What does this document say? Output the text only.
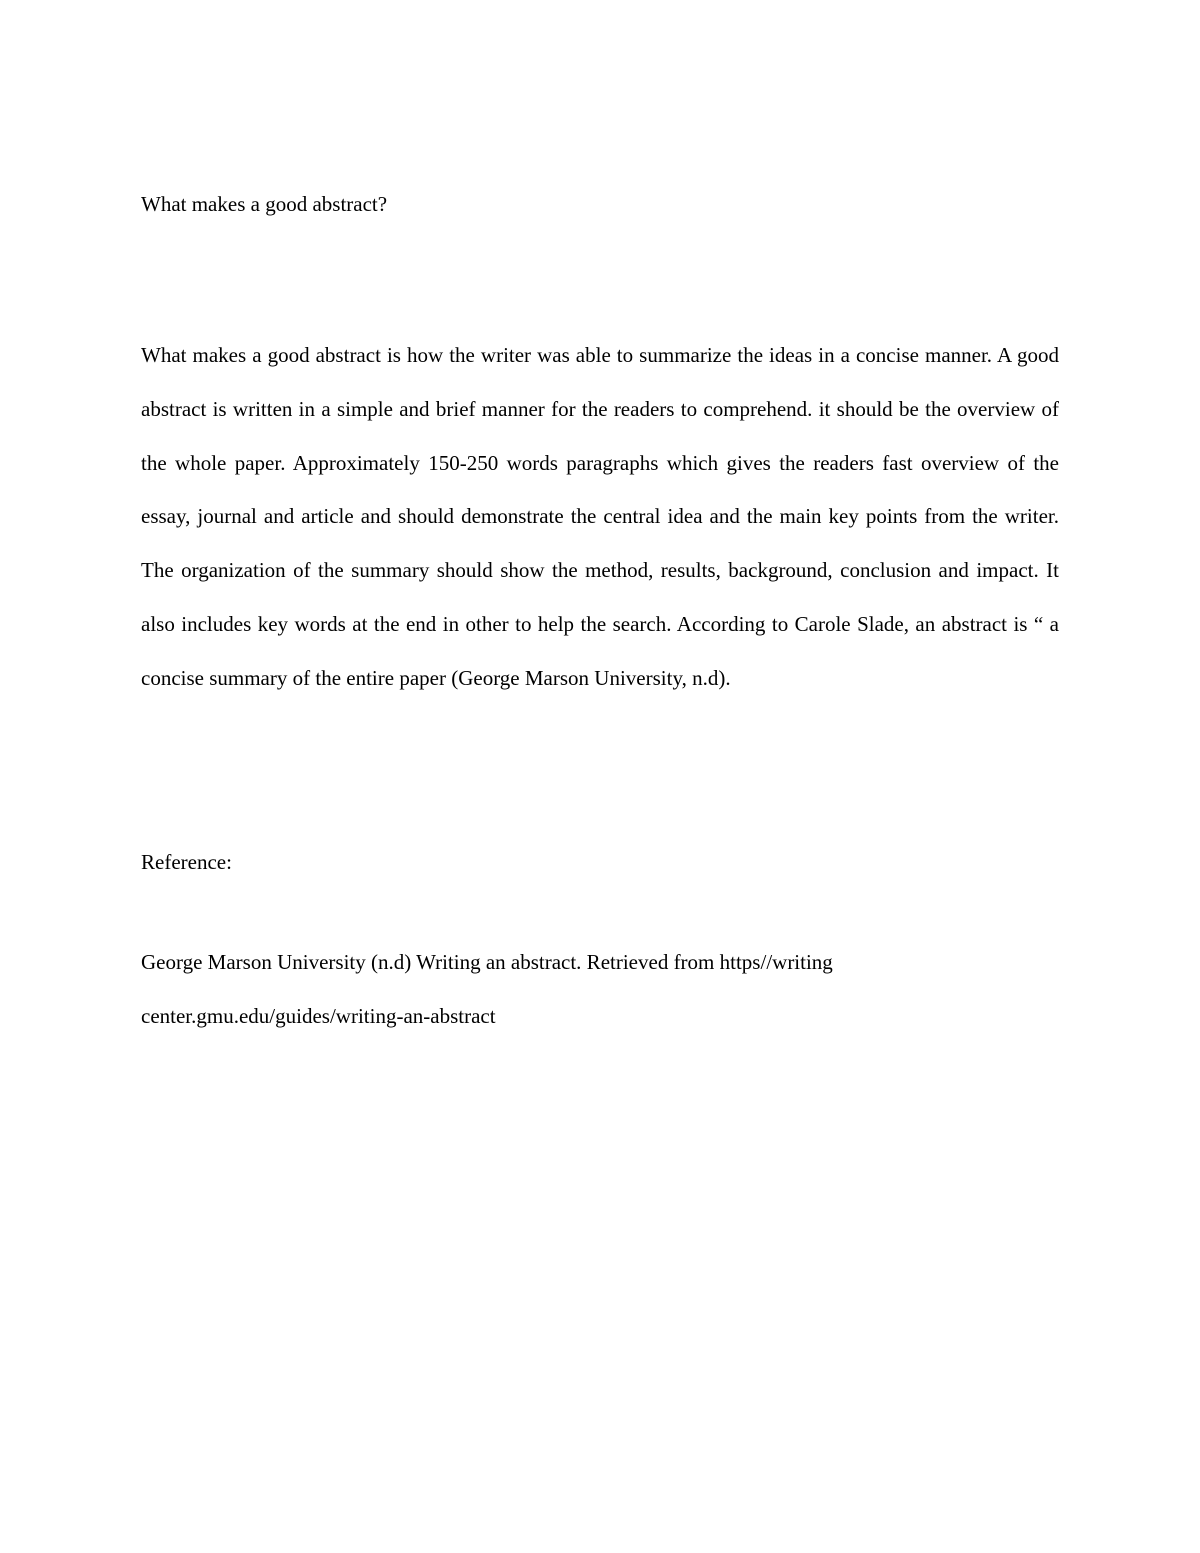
What makes a good abstract?

What makes a good abstract is how the writer was able to summarize the ideas in a concise manner. A good abstract is written in a simple and brief manner for the readers to comprehend. it should be the overview of the whole paper. Approximately 150-250 words paragraphs which gives the readers fast overview of the essay, journal and article and should demonstrate the central idea and the main key points from the writer. The organization of the summary should show the method, results, background, conclusion and impact. It also includes key words at the end in other to help the search. According to Carole Slade, an abstract is “ a concise summary of the entire paper (George Marson University, n.d).

Reference:

George Marson University (n.d) Writing an abstract. Retrieved from https//writing
center.gmu.edu/guides/writing-an-abstract
